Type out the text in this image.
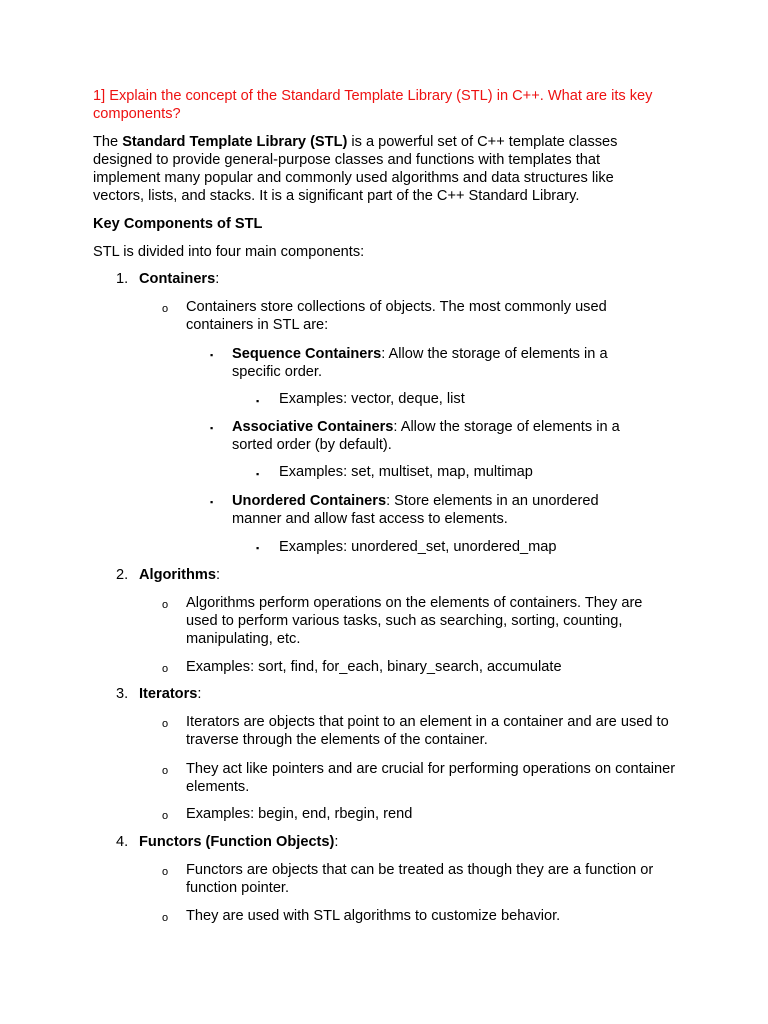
1] Explain the concept of the Standard Template Library (STL) in C++. What are its key components?
The Standard Template Library (STL) is a powerful set of C++ template classes designed to provide general-purpose classes and functions with templates that implement many popular and commonly used algorithms and data structures like vectors, lists, and stacks. It is a significant part of the C++ Standard Library.
Key Components of STL
STL is divided into four main components:
1. Containers:
o Containers store collections of objects. The most commonly used containers in STL are:
▪ Sequence Containers: Allow the storage of elements in a specific order.
▪ Examples: vector, deque, list
▪ Associative Containers: Allow the storage of elements in a sorted order (by default).
▪ Examples: set, multiset, map, multimap
▪ Unordered Containers: Store elements in an unordered manner and allow fast access to elements.
▪ Examples: unordered_set, unordered_map
2. Algorithms:
o Algorithms perform operations on the elements of containers. They are used to perform various tasks, such as searching, sorting, counting, manipulating, etc.
o Examples: sort, find, for_each, binary_search, accumulate
3. Iterators:
o Iterators are objects that point to an element in a container and are used to traverse through the elements of the container.
o They act like pointers and are crucial for performing operations on container elements.
o Examples: begin, end, rbegin, rend
4. Functors (Function Objects):
o Functors are objects that can be treated as though they are a function or function pointer.
o They are used with STL algorithms to customize behavior.
